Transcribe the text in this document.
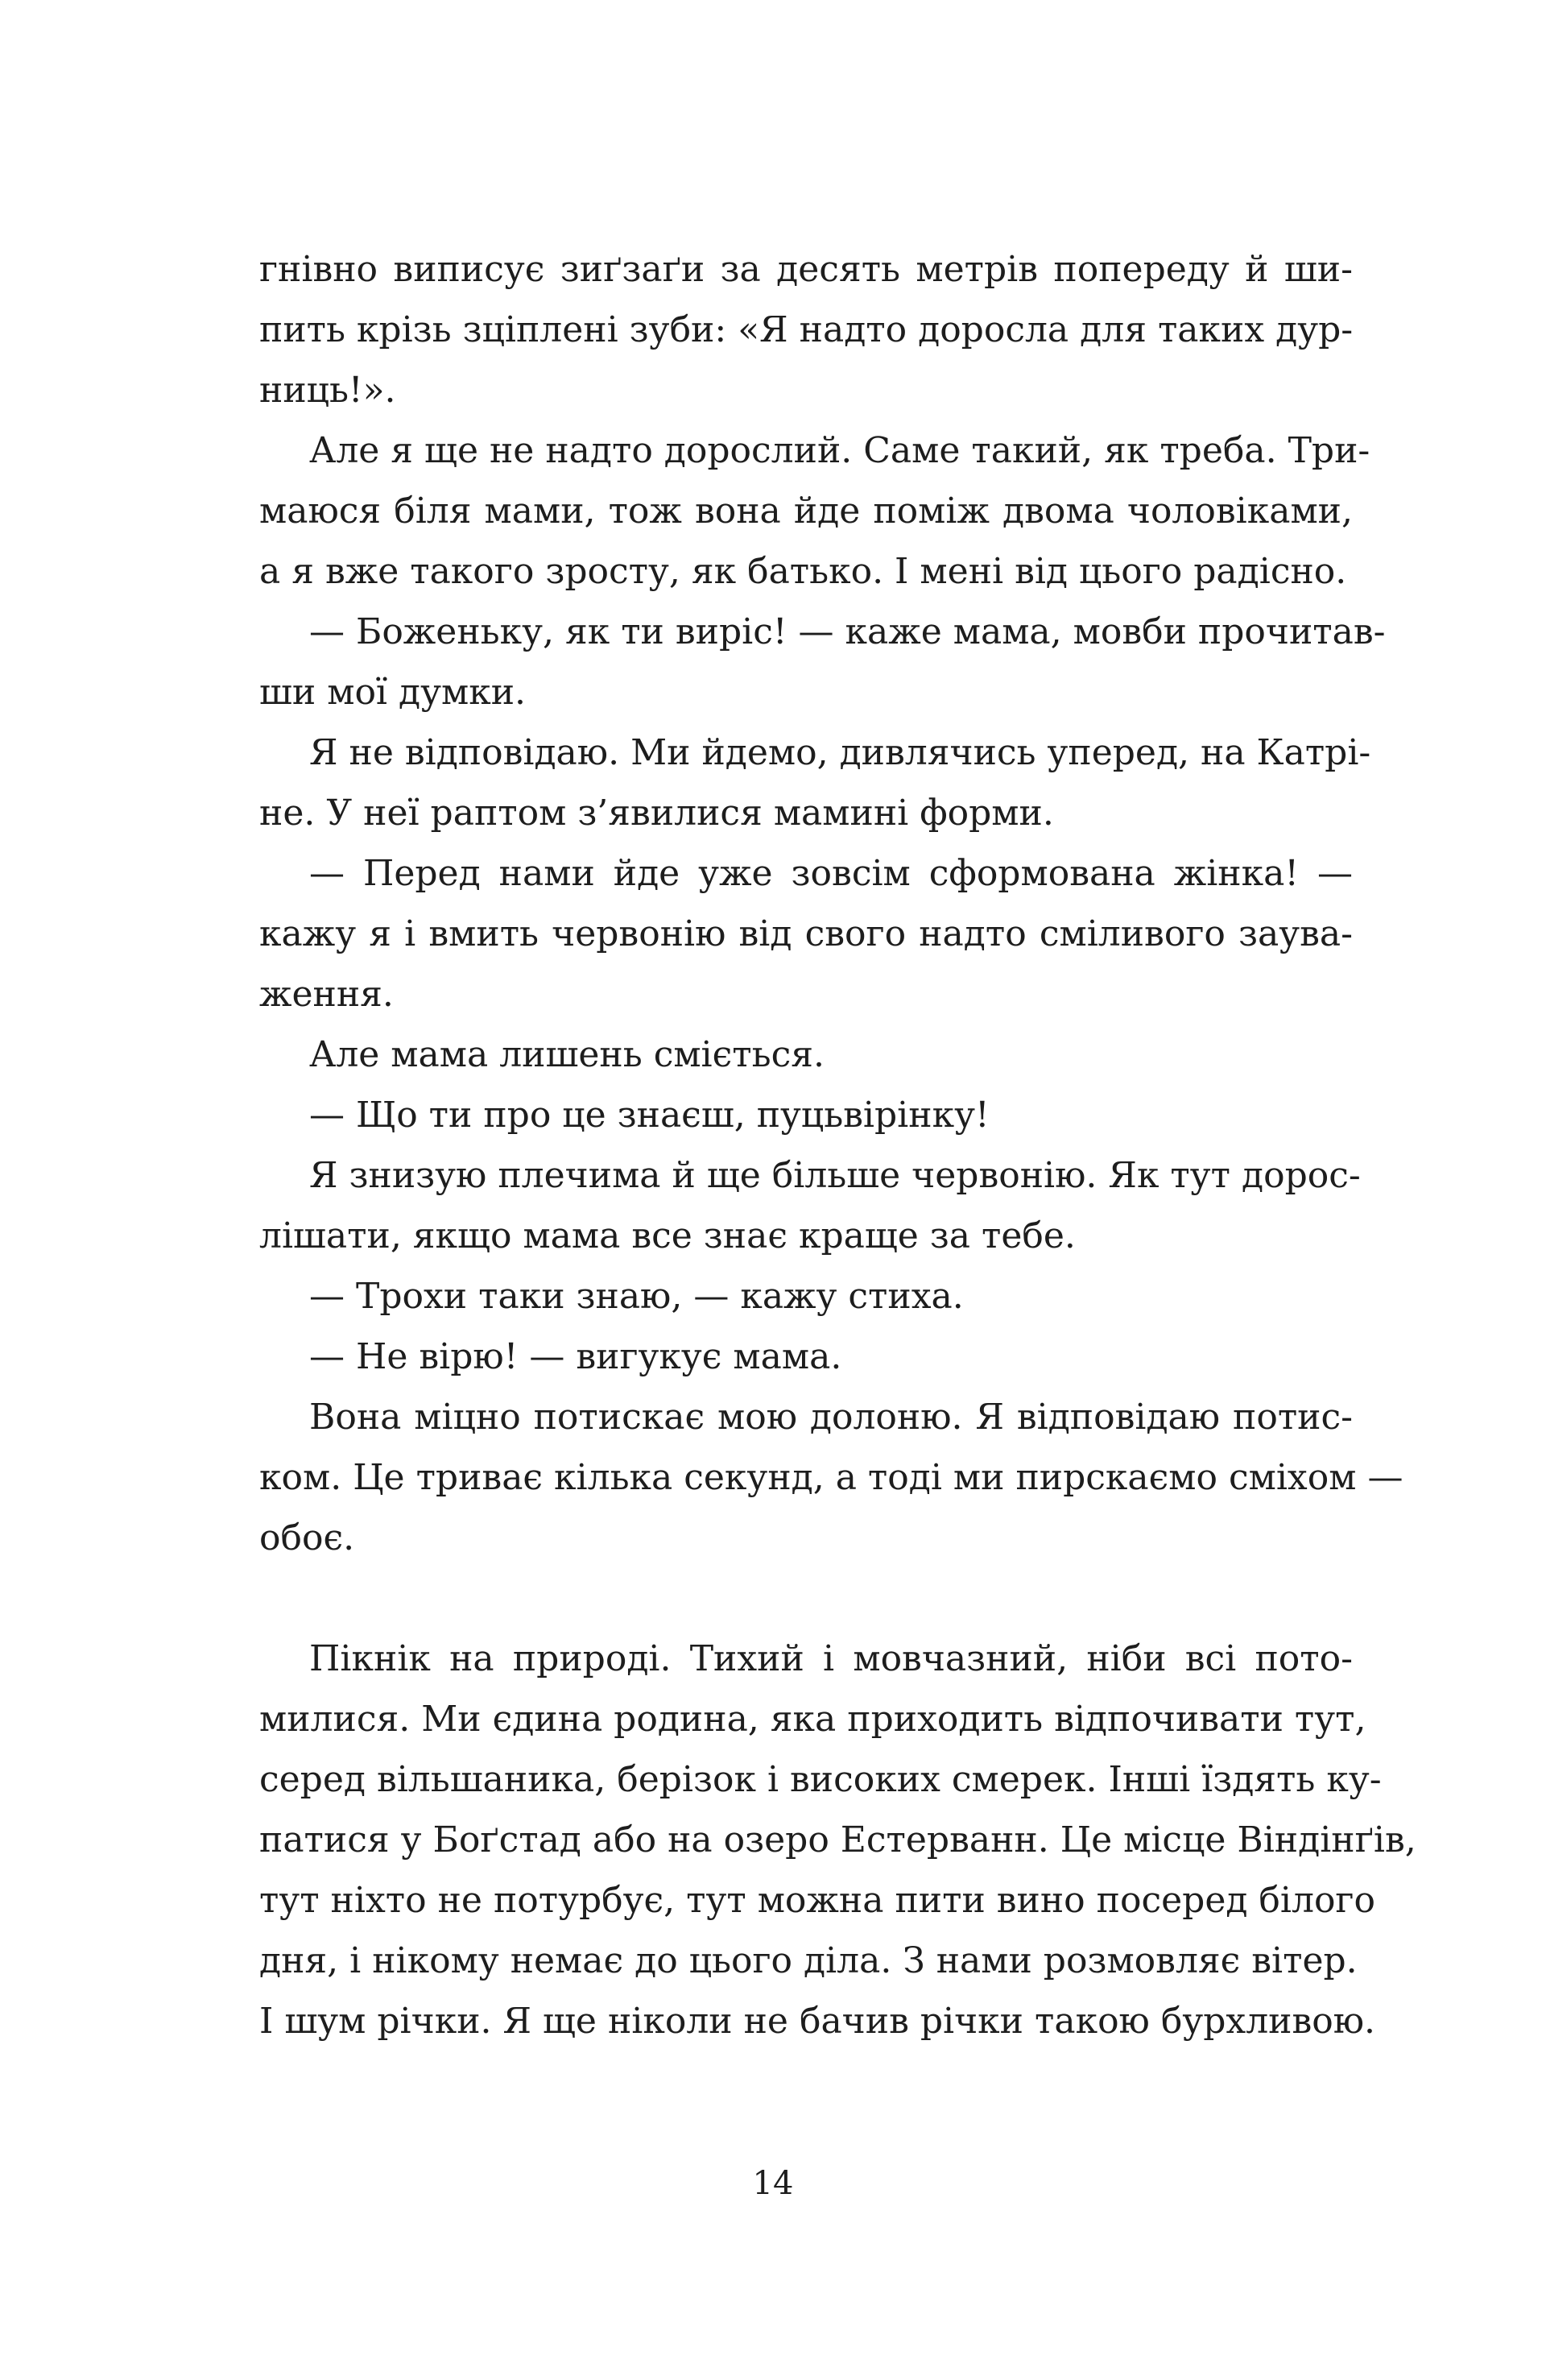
гнівно виписує зиґзаґи за десять метрів попереду й ши-
пить крізь зціплені зуби: «Я надто доросла для таких дур-
ниць!».
Але я ще не надто дорослий. Саме такий, як треба. Три-
маюся біля мами, тож вона йде поміж двома чоловіками,
а я вже такого зросту, як батько. І мені від цього радісно.
— Боженьку, як ти виріс! — каже мама, мовби прочитав-
ши мої думки.
Я не відповідаю. Ми йдемо, дивлячись уперед, на Катрі-
не. У неї раптом з’явилися мамині форми.
— Перед нами йде уже зовсім сформована жінка! —
кажу я і вмить червонію від свого надто сміливого заува-
ження.
Але мама лишень сміється.
— Що ти про це знаєш, пуцьвірінку!
Я знизую плечима й ще більше червонію. Як тут дорос-
лішати, якщо мама все знає краще за тебе.
— Трохи таки знаю, — кажу стиха.
— Не вірю! — вигукує мама.
Вона міцно потискає мою долоню. Я відповідаю потис-
ком. Це триває кілька секунд, а тоді ми пирскаємо сміхом —
обоє.
Пікнік на природі. Тихий і мовчазний, ніби всі пото-
милися. Ми єдина родина, яка приходить відпочивати тут,
серед вільшаника, берізок і високих смерек. Інші їздять ку-
патися у Боґстад або на озеро Естерванн. Це місце Віндінґів,
тут ніхто не потурбує, тут можна пити вино посеред білого
дня, і нікому немає до цього діла. З нами розмовляє вітер.
І шум річки. Я ще ніколи не бачив річки такою бурхливою.
14
